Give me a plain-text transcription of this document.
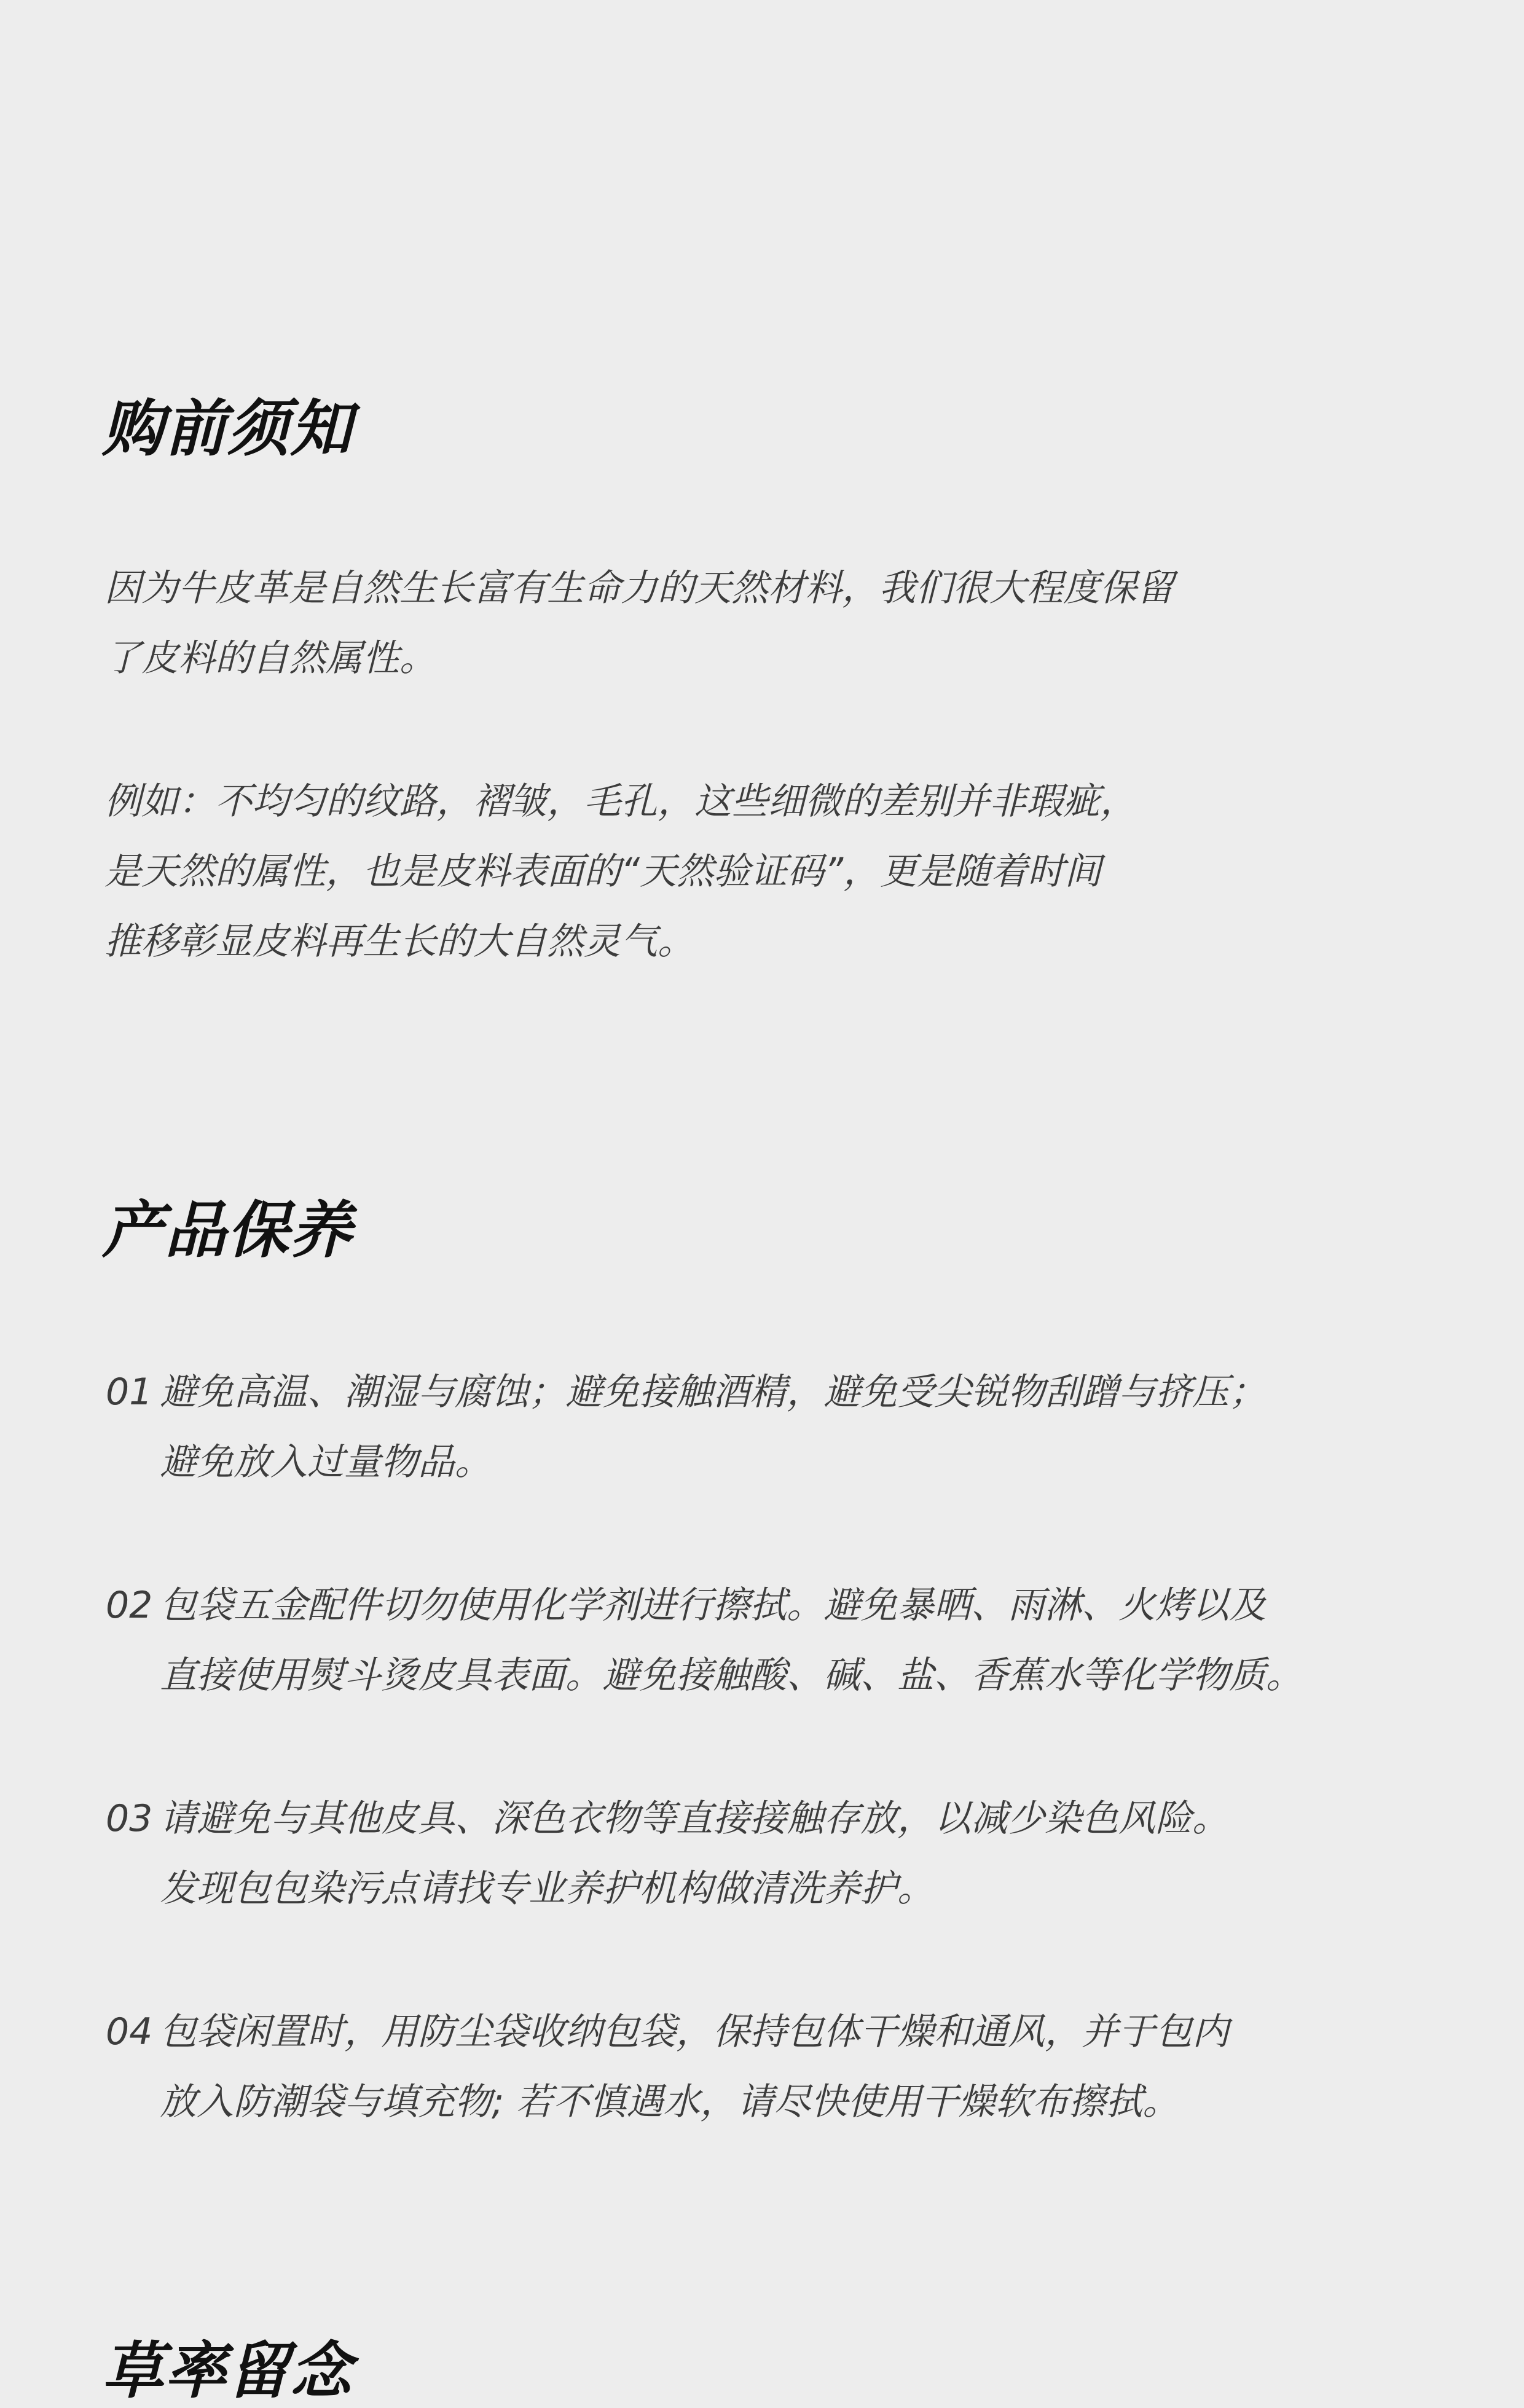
购前须知

因为牛皮革是自然生长富有生命力的天然材料，我们很大程度保留
了皮料的自然属性。

例如：不均匀的纹路，褶皱，毛孔，这些细微的差别并非瑕疵，
是天然的属性，也是皮料表面的“天然验证码”，更是随着时间
推移彰显皮料再生长的大自然灵气。

产品保养
01 避免高温、潮湿与腐蚀；避免接触酒精，避免受尖锐物刮蹭与挤压；
避免放入过量物品。
02 包袋五金配件切勿使用化学剂进行擦拭。避免暴晒、雨淋、火烤以及
直接使用熨斗烫皮具表面。避免接触酸、碱、盐、香蕉水等化学物质。
03 请避免与其他皮具、深色衣物等直接接触存放，以减少染色风险。
发现包包染污点请找专业养护机构做清洗养护。
04 包袋闲置时，用防尘袋收纳包袋，保持包体干燥和通风，并于包内
放入防潮袋与填充物; 若不慎遇水，请尽快使用干燥软布擦拭。
草率留念
